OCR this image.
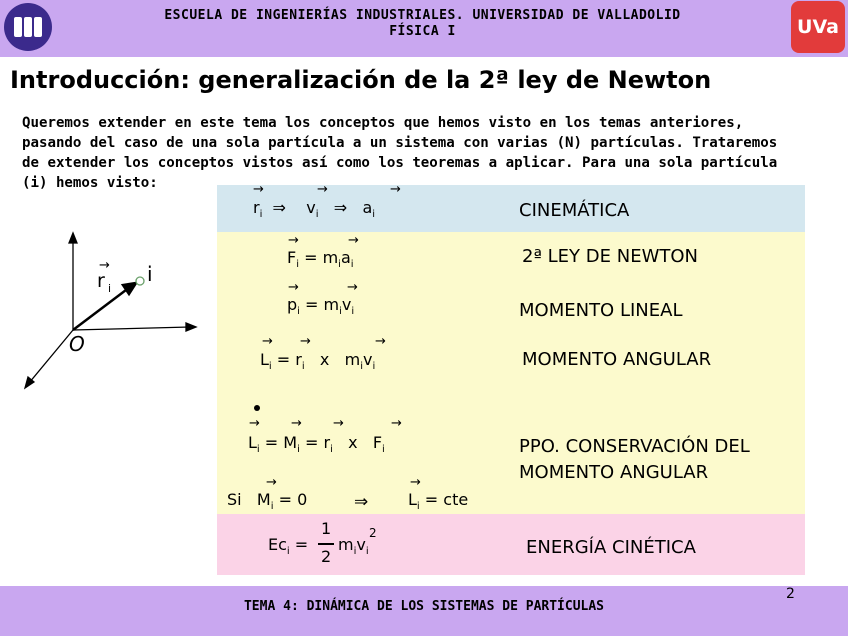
ESCUELA DE INGENIERÍAS INDUSTRIALES. UNIVERSIDAD DE VALLADOLID
FÍSICA I	UVa
Introducción: generalización de la 2ª ley de Newton
Queremos extender en este tema los conceptos que hemos visto en los temas anteriores,
pasando del caso de una sola partícula a un sistema con varias (N) partículas. Trataremos
de extender los conceptos vistos así como los teoremas a aplicar. Para una sola partícula
(i) hemos visto:
r i
→ i
O
→	→	→
$r_i$ ⇒ $v_i$ ⇒ $a_i$	CINEMÁTICA
→	→
$F_i = m_ia_i$	2ª LEY DE NEWTON
→	→
$p_i = m_iv_i$	MOMENTO LINEAL
→ →	→
$L_i = r_i$ x $m_iv_i$	MOMENTO ANGULAR
→ → →	→
$L_i = M_i = r_i$ x $F_i$	PPO. CONSERVACIÓN DEL
MOMENTO ANGULAR
→	→
Si $M_i = 0$	⇒ $L_i$ = cte
$Ec_i$ =
1
2
$m_iv_i$
2
ENERGÍA CINÉTICA
TEMA 4: DINÁMICA DE LOS SISTEMAS DE PARTÍCULAS
2
